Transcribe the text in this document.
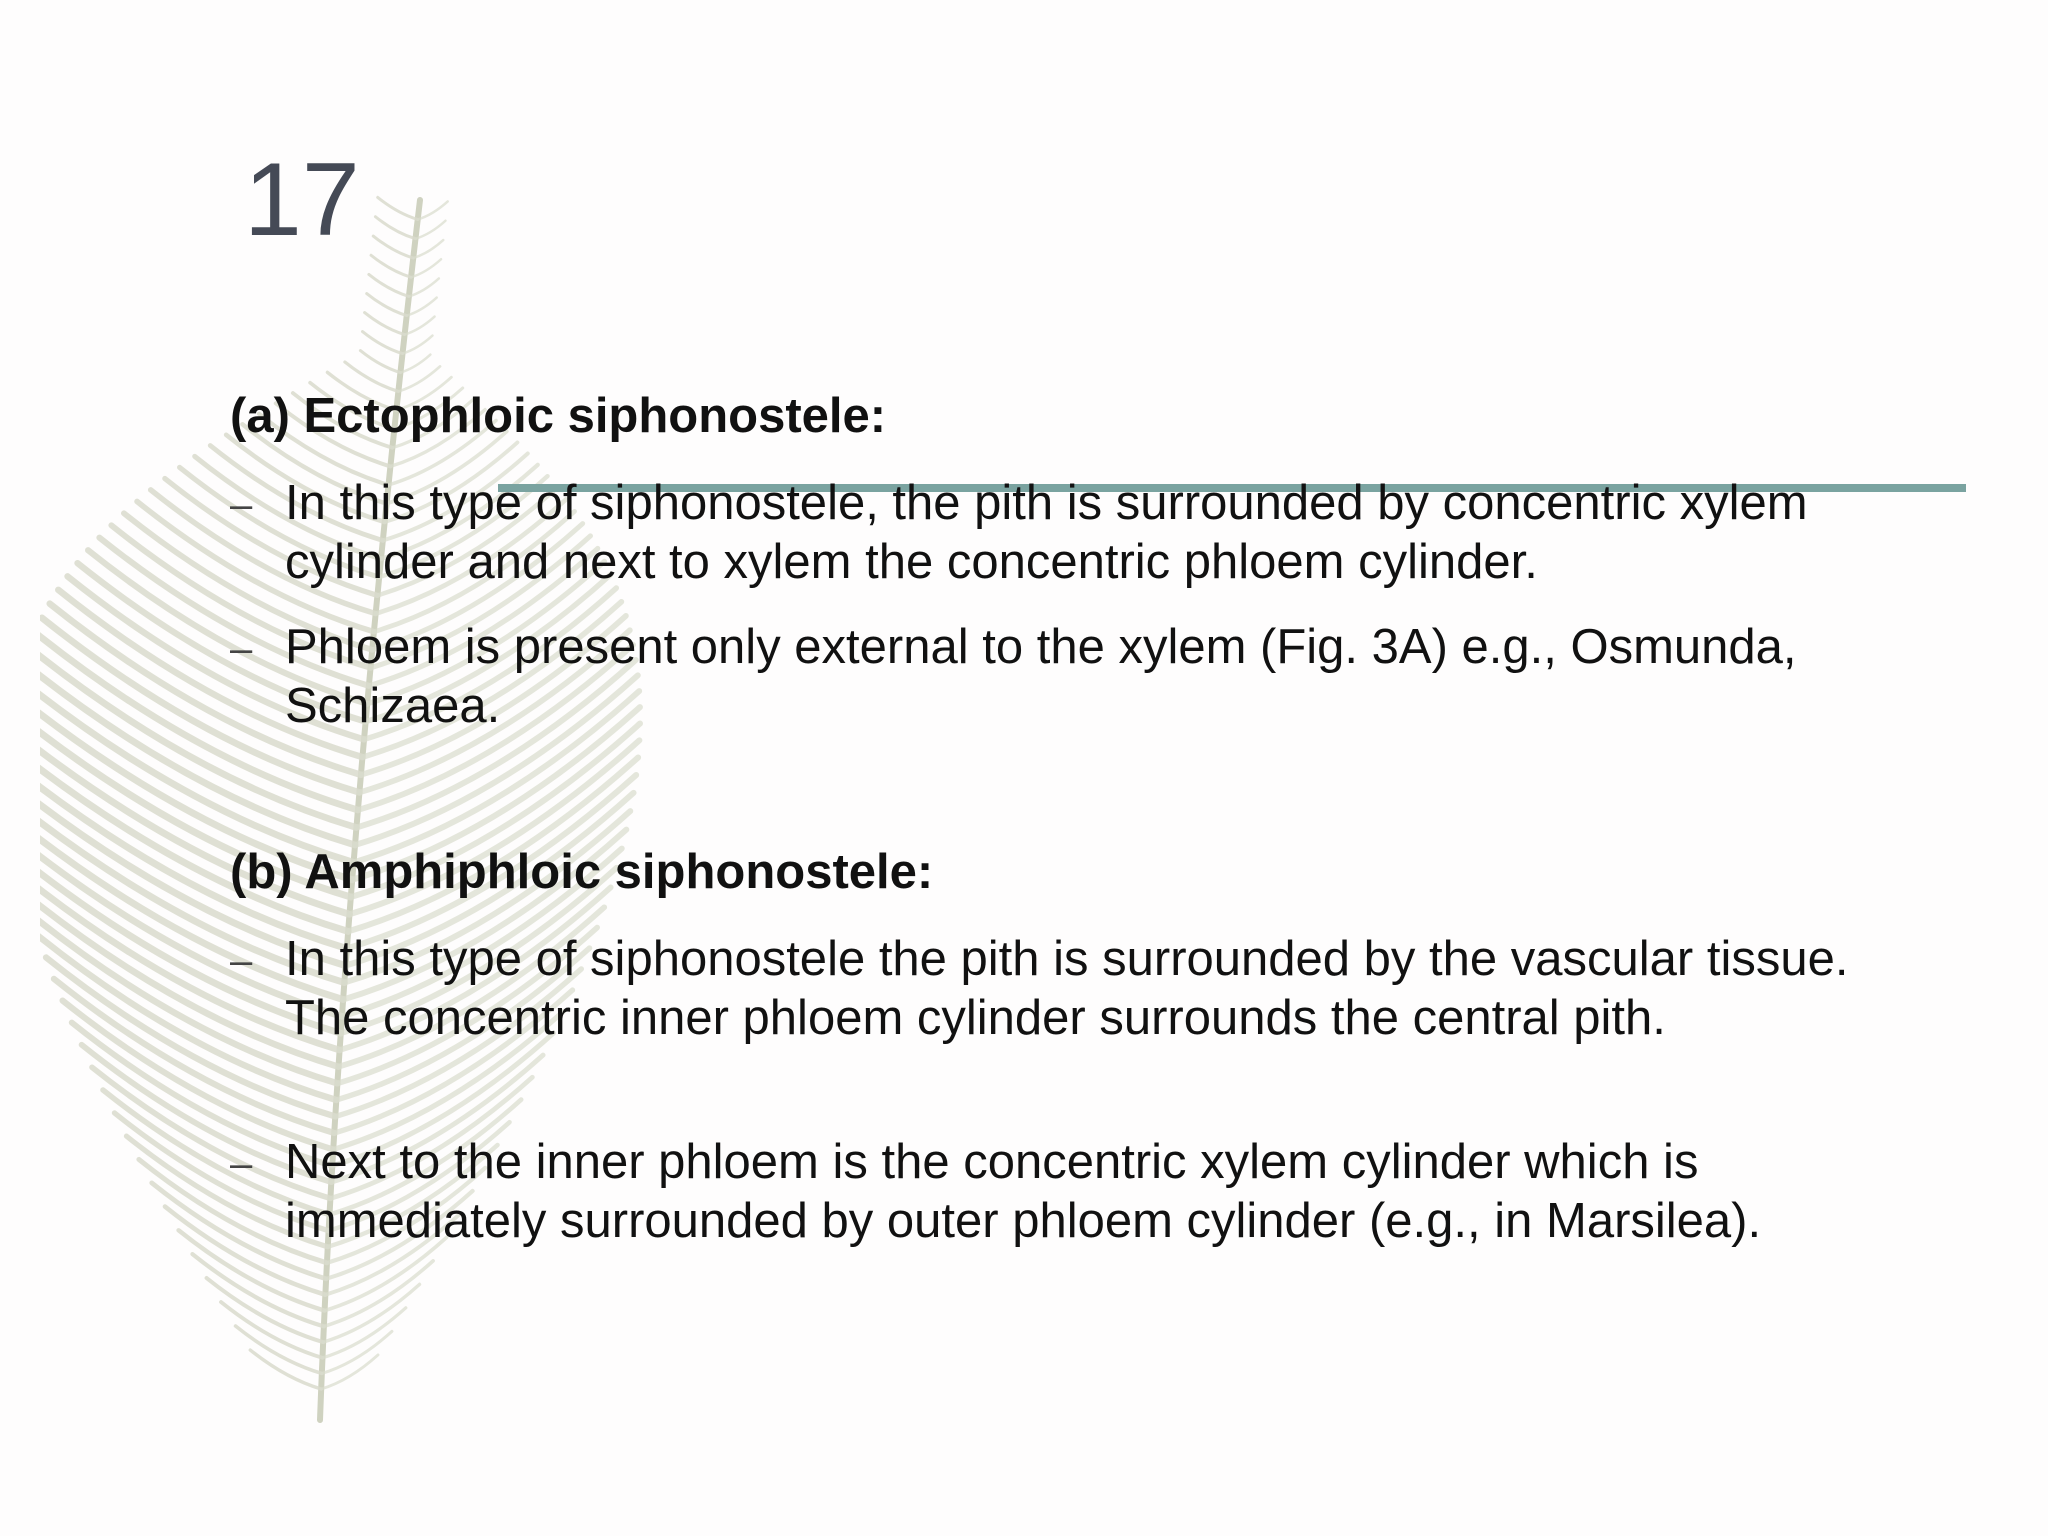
17
(a) Ectophloic siphonostele:
– In this type of siphonostele, the pith is surrounded by concentric xylem cylinder and next to xylem the concentric phloem cylinder.
– Phloem is present only external to the xylem (Fig. 3A) e.g., Osmunda, Schizaea.
(b) Amphiphloic siphonostele:
– In this type of siphonostele the pith is surrounded by the vascular tissue. The concentric inner phloem cylinder surrounds the central pith.
– Next to the inner phloem is the concentric xylem cylinder which is immediately surrounded by outer phloem cylinder (e.g., in Marsilea).
